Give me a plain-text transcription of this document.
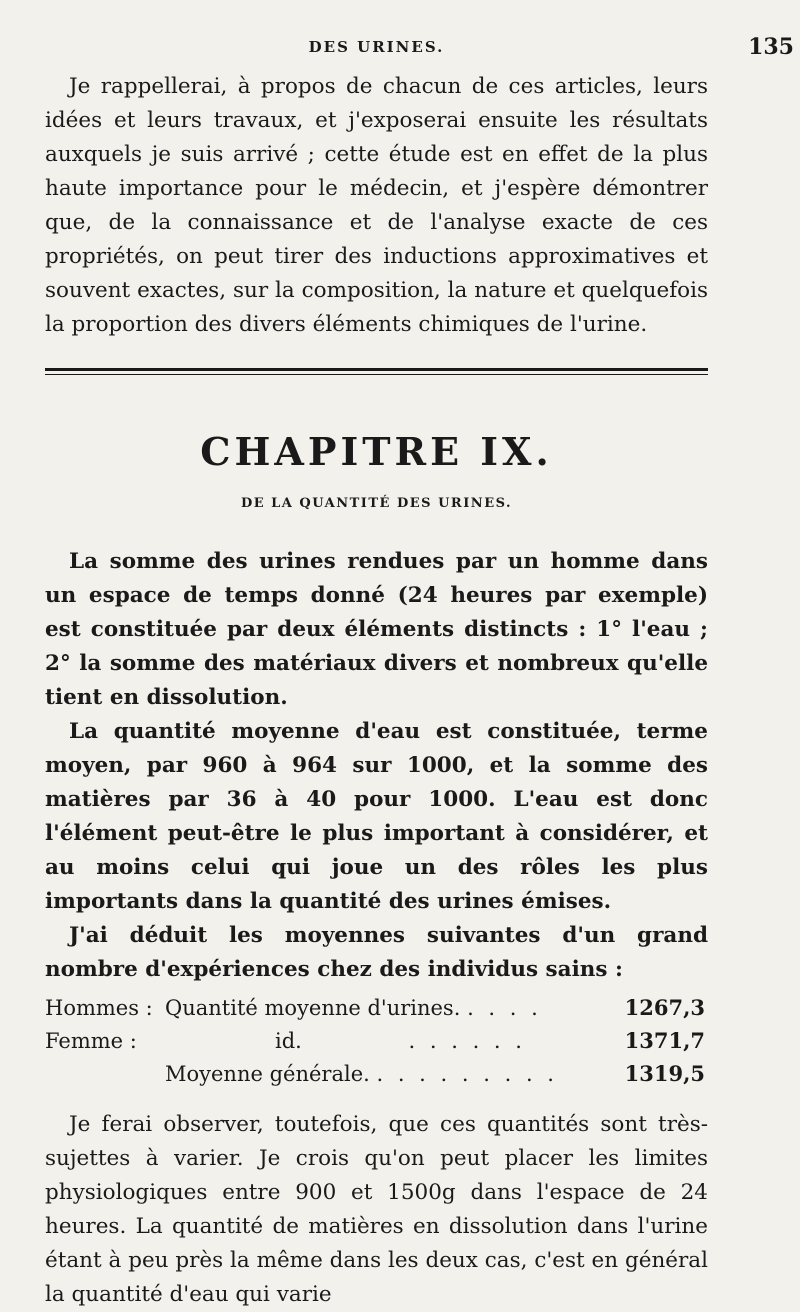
DES URINES.	135

Je rappellerai, à propos de chacun de ces articles, leurs idées et leurs travaux, et j'exposerai ensuite les résultats auxquels je suis arrivé ; cette étude est en effet de la plus haute importance pour le médecin, et j'espère démontrer que, de la connaissance et de l'analyse exacte de ces propriétés, on peut tirer des inductions approximatives et souvent exactes, sur la composition, la nature et quelquefois la proportion des divers éléments chimiques de l'urine.

CHAPITRE IX.
DE LA QUANTITÉ DES URINES.

La somme des urines rendues par un homme dans un espace de temps donné (24 heures par exemple) est constituée par deux éléments distincts : 1° l'eau ; 2° la somme des matériaux divers et nombreux qu'elle tient en dissolution.

La quantité moyenne d'eau est constituée, terme moyen, par 960 à 964 sur 1000, et la somme des matières par 36 à 40 pour 1000. L'eau est donc l'élément peut-être le plus important à considérer, et au moins celui qui joue un des rôles les plus importants dans la quantité des urines émises.

J'ai déduit les moyennes suivantes d'un grand nombre d'expériences chez des individus sains :

Hommes :	Quantité moyenne d'urines. . . . .	1267,3
Femme :	id. . . . . . .	1371,7
	Moyenne générale. . . . . . . . . .	1319,5

Je ferai observer, toutefois, que ces quantités sont très-sujettes à varier. Je crois qu'on peut placer les limites physiologiques entre 900 et 1500g dans l'espace de 24 heures. La quantité de matières en dissolution dans l'urine étant à peu près la même dans les deux cas, c'est en général la quantité d'eau qui varie
